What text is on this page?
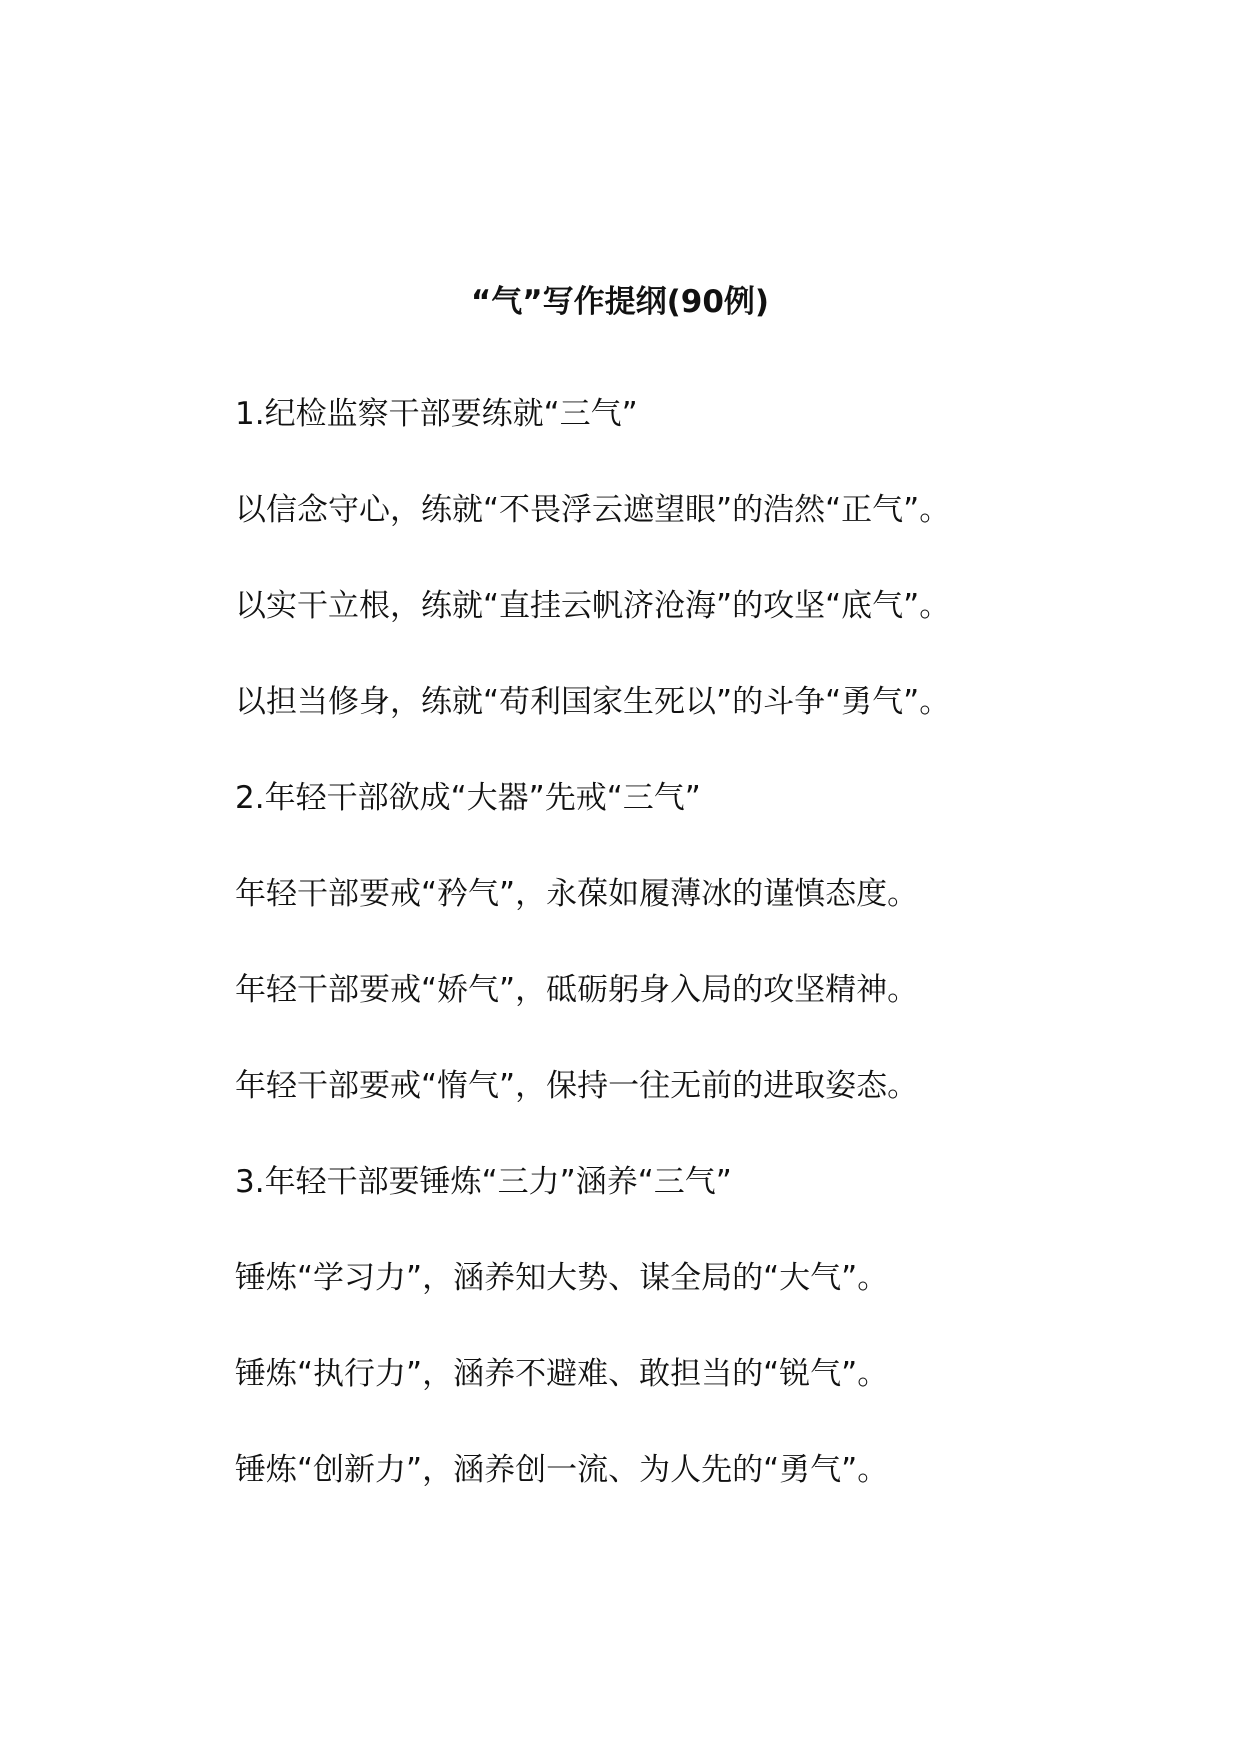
“气”写作提纲(90例)
1.纪检监察干部要练就“三气”
以信念守心，练就“不畏浮云遮望眼”的浩然“正气”。
以实干立根，练就“直挂云帆济沧海”的攻坚“底气”。
以担当修身，练就“苟利国家生死以”的斗争“勇气”。
2.年轻干部欲成“大器”先戒“三气”
年轻干部要戒“矜气”，永葆如履薄冰的谨慎态度。
年轻干部要戒“娇气”，砥砺躬身入局的攻坚精神。
年轻干部要戒“惰气”，保持一往无前的进取姿态。
3.年轻干部要锤炼“三力”涵养“三气”
锤炼“学习力”，涵养知大势、谋全局的“大气”。
锤炼“执行力”，涵养不避难、敢担当的“锐气”。
锤炼“创新力”，涵养创一流、为人先的“勇气”。
